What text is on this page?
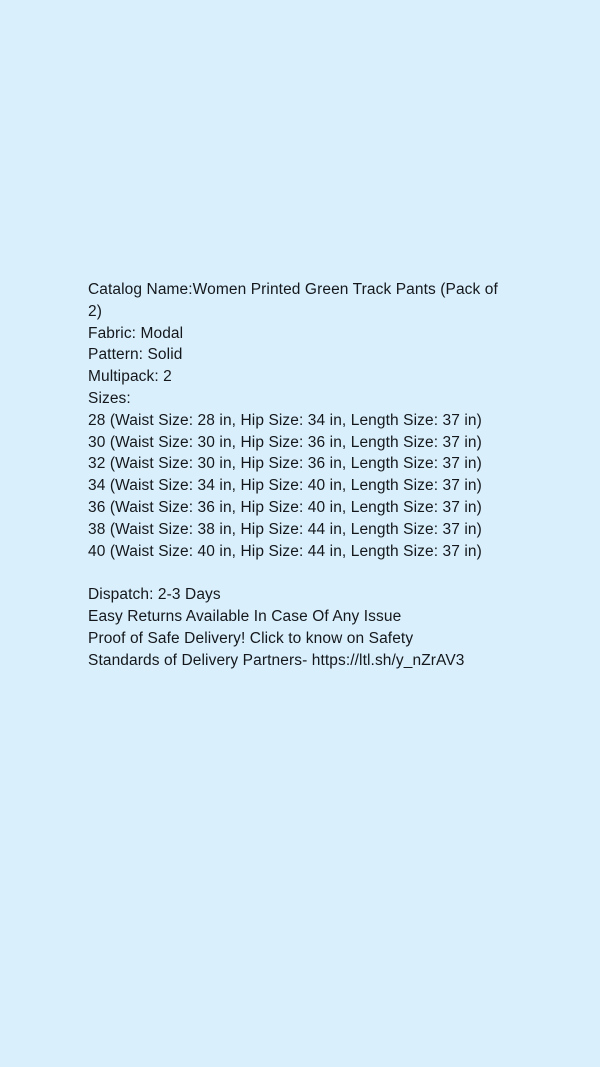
Catalog Name:Women Printed Green Track Pants (Pack of 2)
Fabric: Modal
Pattern: Solid
Multipack: 2
Sizes:
28 (Waist Size: 28 in, Hip Size: 34 in, Length Size: 37 in)
30 (Waist Size: 30 in, Hip Size: 36 in, Length Size: 37 in)
32 (Waist Size: 30 in, Hip Size: 36 in, Length Size: 37 in)
34 (Waist Size: 34 in, Hip Size: 40 in, Length Size: 37 in)
36 (Waist Size: 36 in, Hip Size: 40 in, Length Size: 37 in)
38 (Waist Size: 38 in, Hip Size: 44 in, Length Size: 37 in)
40 (Waist Size: 40 in, Hip Size: 44 in, Length Size: 37 in)
Dispatch: 2-3 Days
Easy Returns Available In Case Of Any Issue
Proof of Safe Delivery! Click to know on Safety
Standards of Delivery Partners- https://ltl.sh/y_nZrAV3
